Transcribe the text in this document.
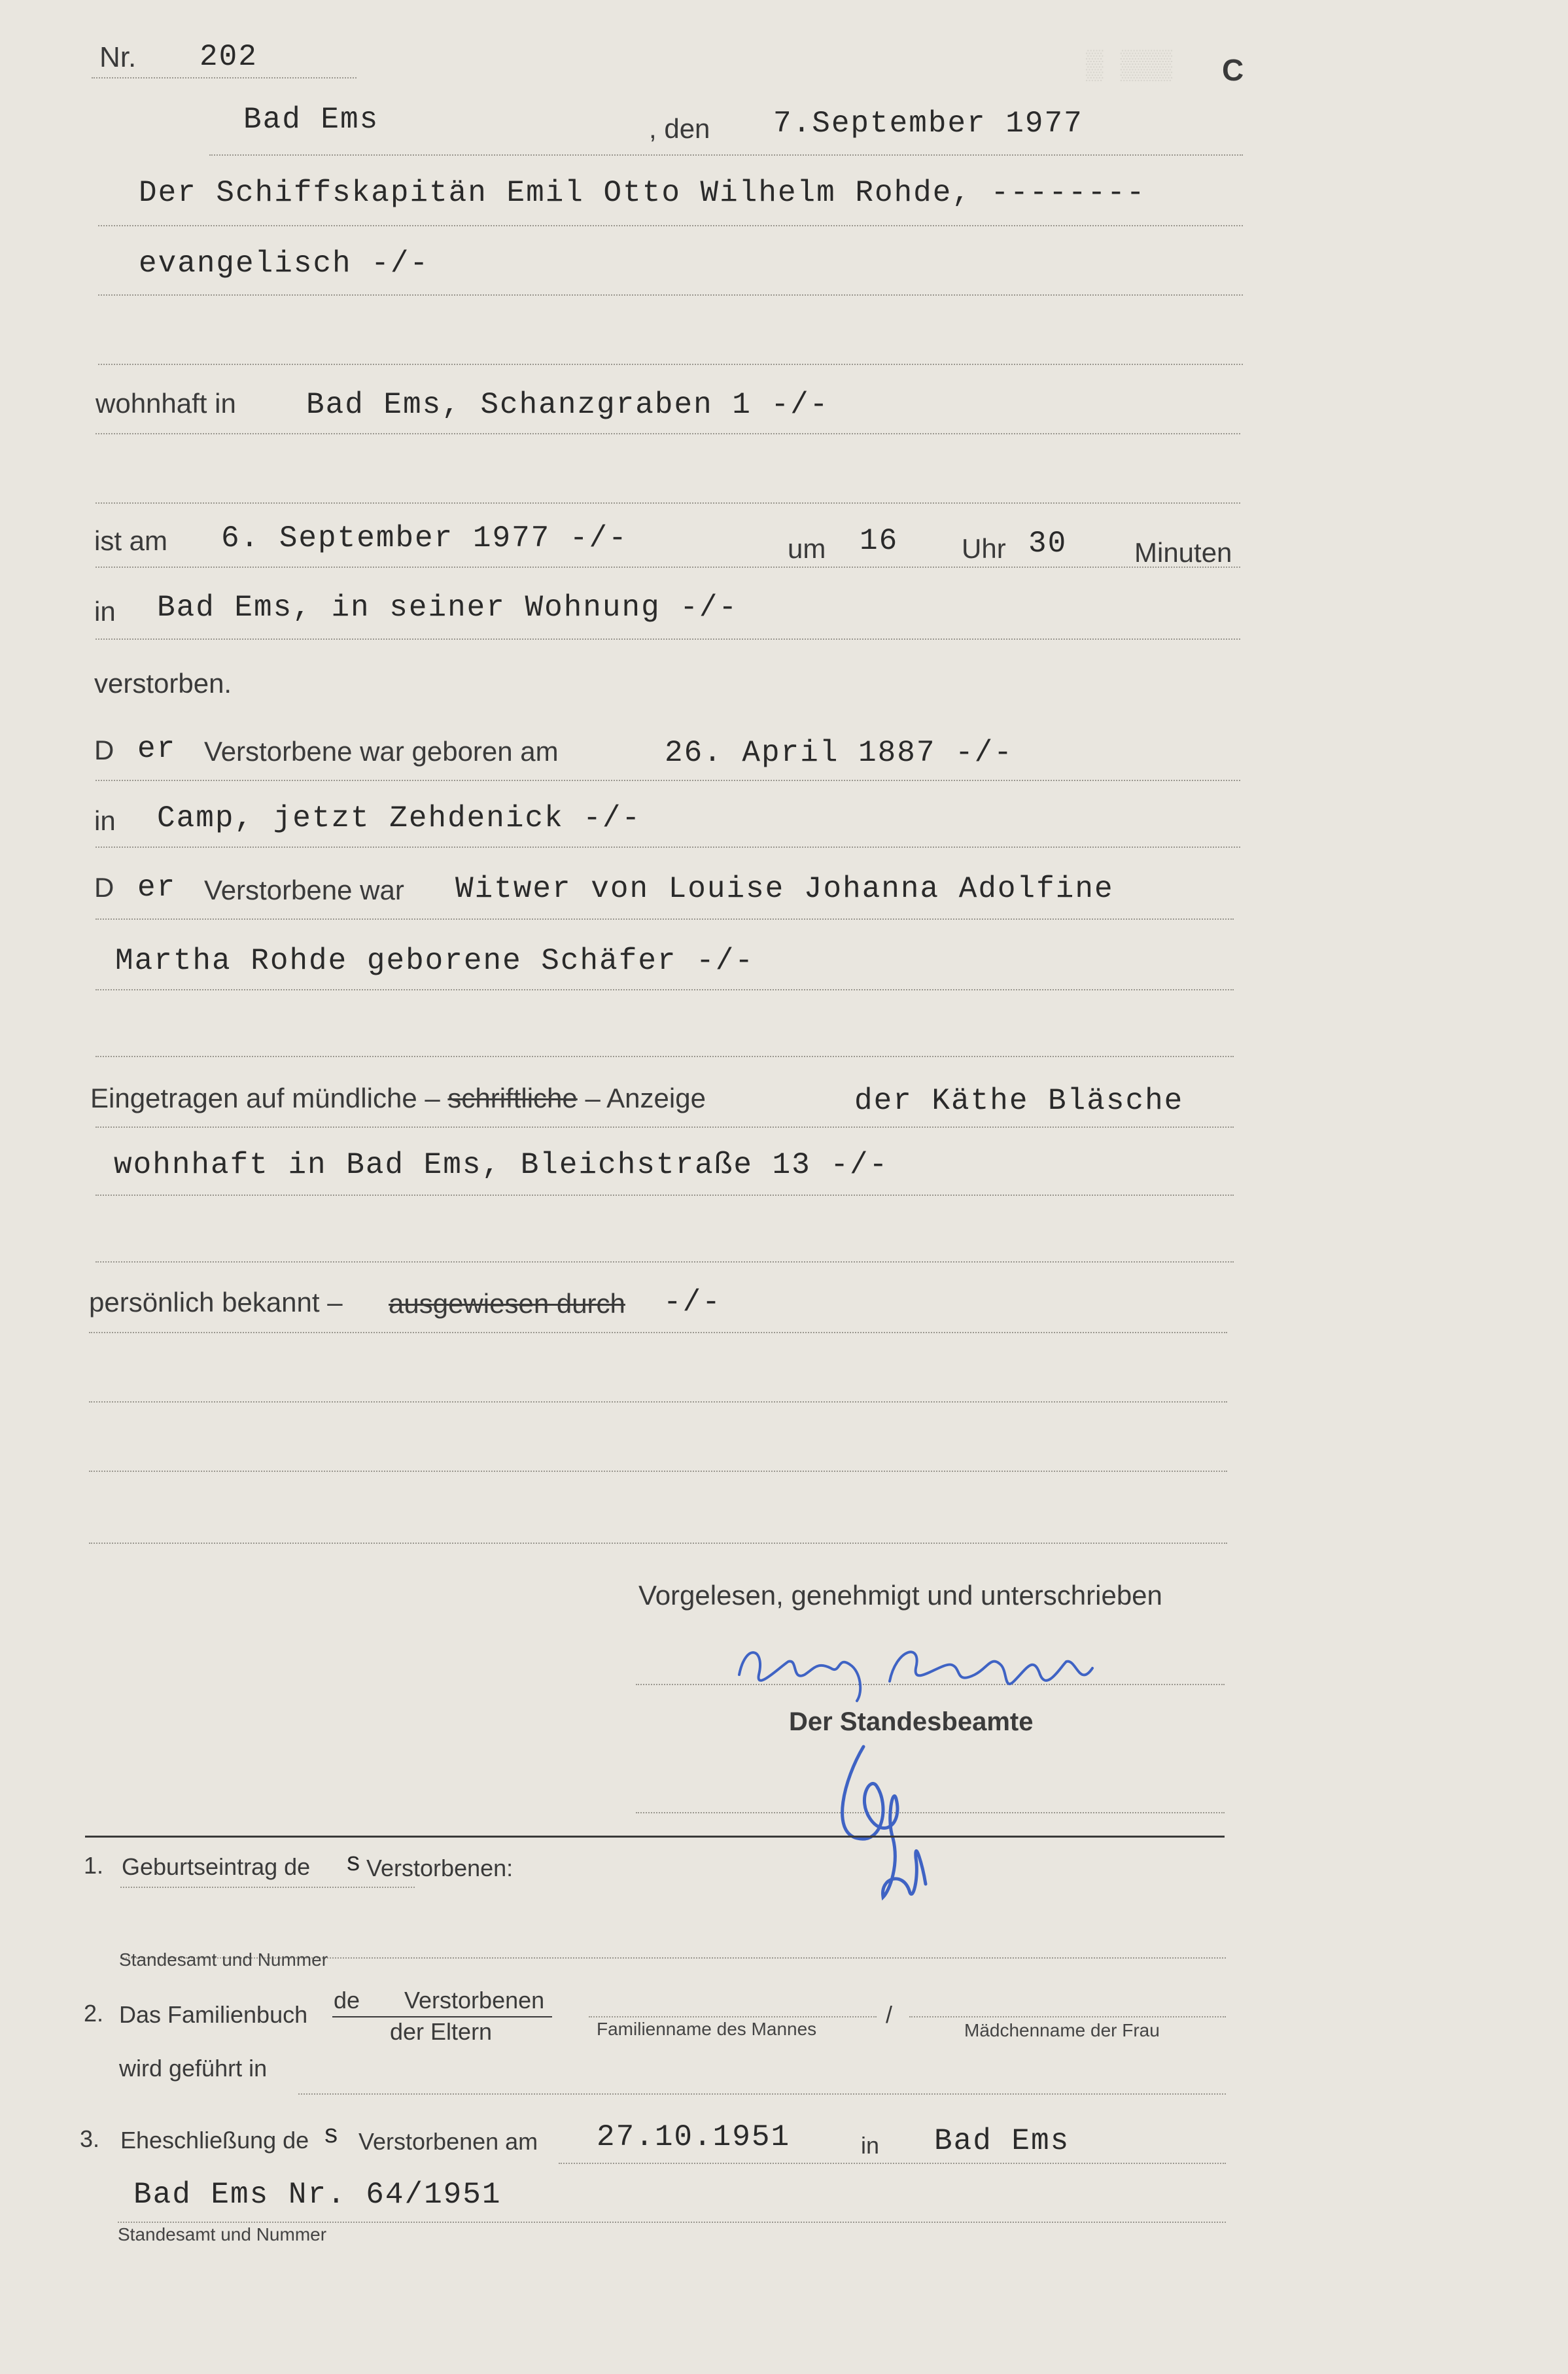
▒ ▒▒▒
Nr. 202	C
Bad Ems	, den 7.September 1977
Der Schiffskapitän Emil Otto Wilhelm Rohde, --------
evangelisch -/-
wohnhaft in Bad Ems, Schanzgraben 1 -/-
ist am 6. September 1977 -/-	um 16 Uhr 30 Minuten
in Bad Ems, in seiner Wohnung -/-
verstorben.
D er Verstorbene war geboren am	26. April 1887 -/-
in Camp, jetzt Zehdenick -/-
D er Verstorbene war Witwer von Louise Johanna Adolfine
Martha Rohde geborene Schäfer -/-
Eingetragen auf mündliche – schriftliche – Anzeige	der Käthe Bläsche
wohnhaft in Bad Ems, Bleichstraße 13 -/-
persönlich bekannt – ausgewiesen durch -/-
Vorgelesen, genehmigt und unterschrieben
Der Standesbeamte
1. Geburtseintrag de s Verstorbenen:
Standesamt und Nummer
2. Das Familienbuch
de Verstorbenen
der Eltern	Familienname des Mannes
/
Mädchenname der Frau
wird geführt in
3. Eheschließung de s Verstorbenen am 27.10.1951	in Bad Ems
Bad Ems Nr. 64/1951
Standesamt und Nummer
